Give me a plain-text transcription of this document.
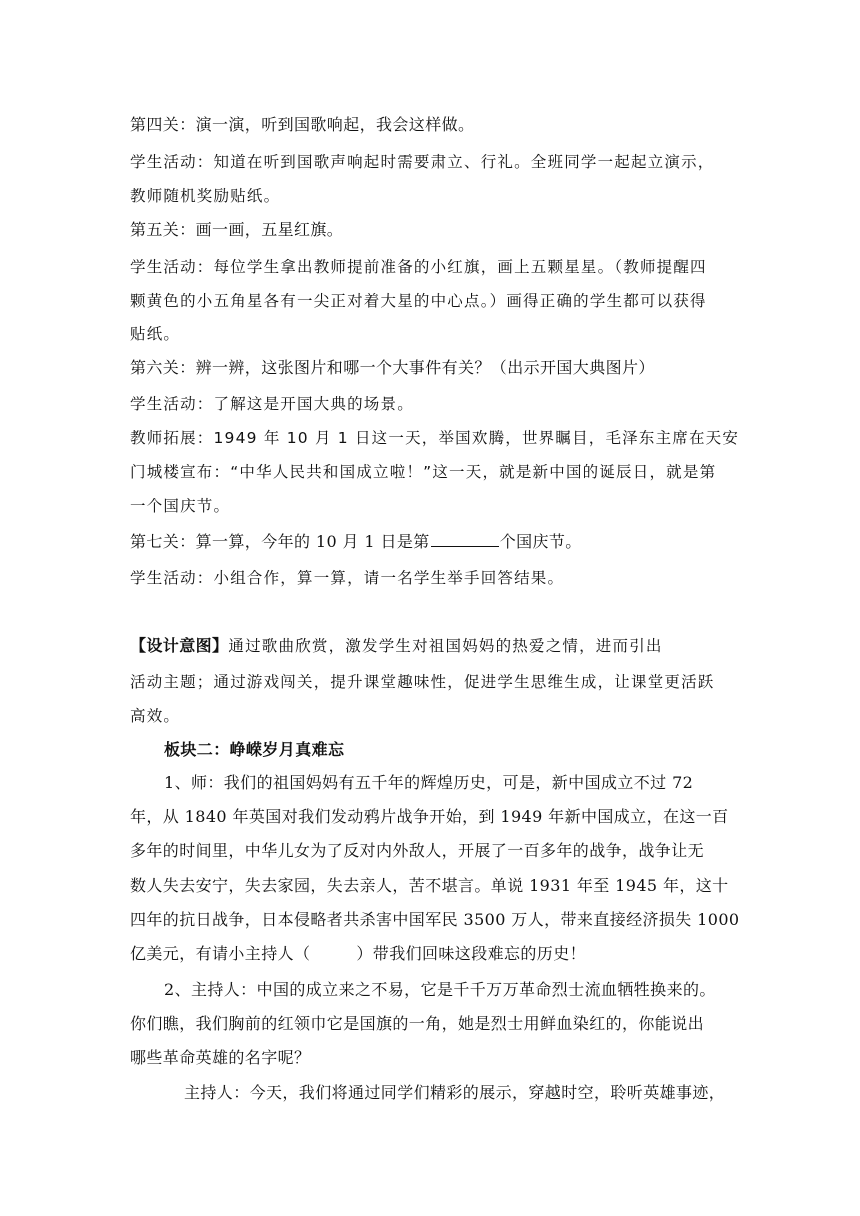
第四关：演一演，听到国歌响起，我会这样做。
学生活动：知道在听到国歌声响起时需要肃立、行礼。全班同学一起起立演示，
教师随机奖励贴纸。
第五关：画一画，五星红旗。
学生活动：每位学生拿出教师提前准备的小红旗，画上五颗星星。（教师提醒四
颗黄色的小五角星各有一尖正对着大星的中心点。）画得正确的学生都可以获得
贴纸。
第六关：辨一辨，这张图片和哪一个大事件有关？（出示开国大典图片）
学生活动：了解这是开国大典的场景。
教师拓展：1949 年 10 月 1 日这一天，举国欢腾，世界瞩目，毛泽东主席在天安
门城楼宣布：“中华人民共和国成立啦！”这一天，就是新中国的诞辰日，就是第
一个国庆节。
第七关：算一算，今年的 10 月 1 日是第	个国庆节。
学生活动：小组合作，算一算，请一名学生举手回答结果。
【设计意图】通过歌曲欣赏，激发学生对祖国妈妈的热爱之情，进而引出
活动主题；通过游戏闯关，提升课堂趣味性，促进学生思维生成，让课堂更活跃
高效。
板块二：峥嵘岁月真难忘
1、师：我们的祖国妈妈有五千年的辉煌历史，可是，新中国成立不过 72
年，从 1840 年英国对我们发动鸦片战争开始，到 1949 年新中国成立，在这一百
多年的时间里，中华儿女为了反对内外敌人，开展了一百多年的战争，战争让无
数人失去安宁，失去家园，失去亲人，苦不堪言。单说 1931 年至 1945 年，这十
四年的抗日战争，日本侵略者共杀害中国军民 3500 万人，带来直接经济损失 1000
亿美元，有请小主持人（	）带我们回味这段难忘的历史！
2、主持人：中国的成立来之不易，它是千千万万革命烈士流血牺牲换来的。
你们瞧，我们胸前的红领巾它是国旗的一角，她是烈士用鲜血染红的，你能说出
哪些革命英雄的名字呢？
主持人：今天，我们将通过同学们精彩的展示，穿越时空，聆听英雄事迹，
